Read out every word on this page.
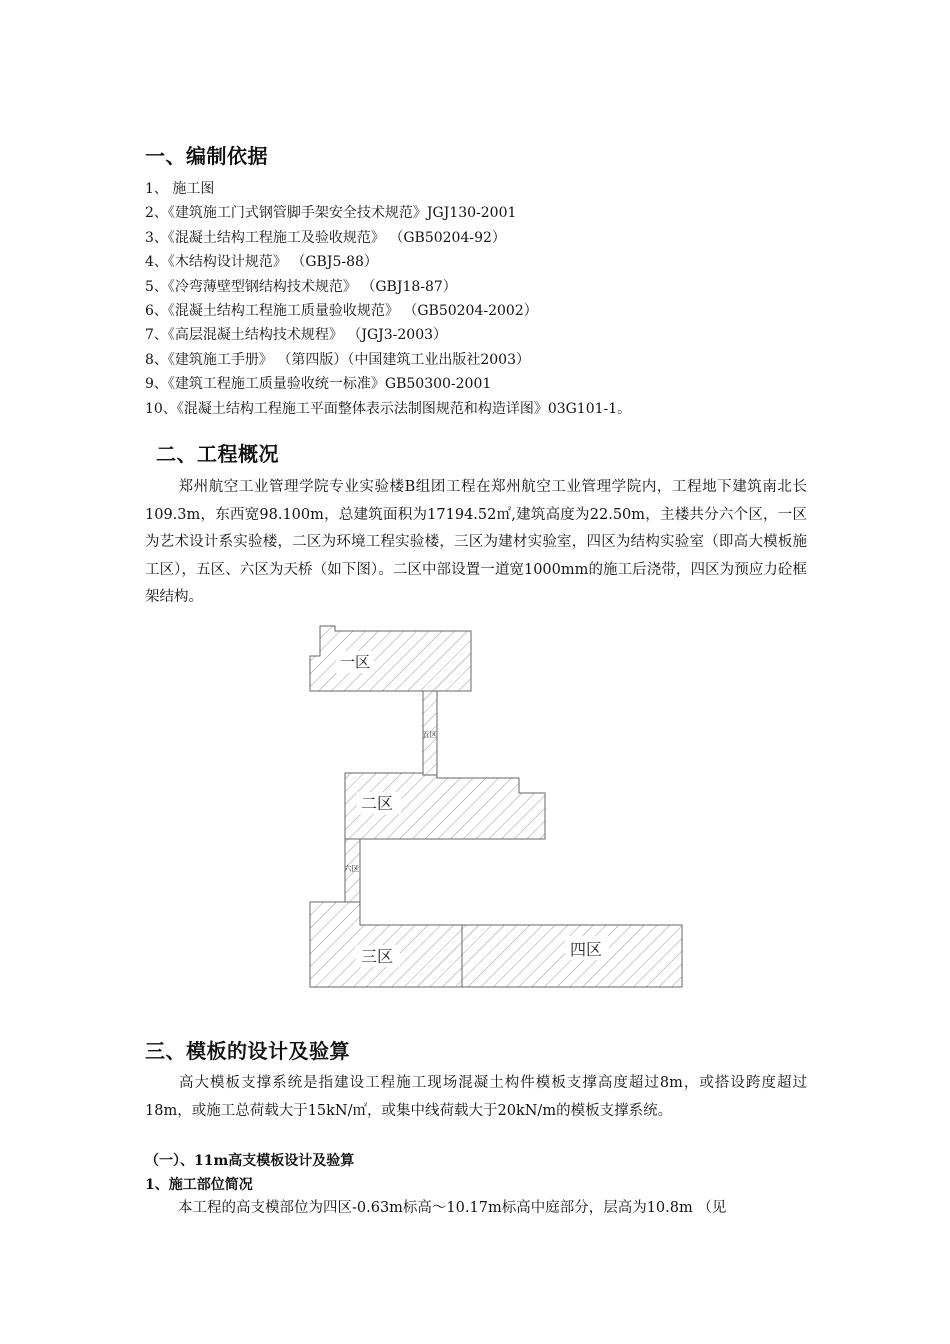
一、编制依据
1、 施工图
2、《建筑施工门式钢管脚手架安全技术规范》JGJ130-2001
3、《混凝土结构工程施工及验收规范》 （GB50204-92）
4、《木结构设计规范》 （GBJ5-88）
5、《冷弯薄壁型钢结构技术规范》 （GBJ18-87）
6、《混凝土结构工程施工质量验收规范》 （GB50204-2002）
7、《高层混凝土结构技术规程》 （JGJ3-2003）
8、《建筑施工手册》 （第四版）（中国建筑工业出版社2003）
9、《建筑工程施工质量验收统一标准》GB50300-2001
10、《混凝土结构工程施工平面整体表示法制图规范和构造详图》03G101-1。
二、工程概况
郑州航空工业管理学院专业实验楼B组团工程在郑州航空工业管理学院内，工程地下建筑南北长109.3m，东西宽98.100m，总建筑面积为17194.52㎡,建筑高度为22.50m，主楼共分六个区，一区为艺术设计系实验楼，二区为环境工程实验楼，三区为建材实验室，四区为结构实验室（即高大模板施工区），五区、六区为天桥（如下图）。二区中部设置一道宽1000mm的施工后浇带，四区为预应力砼框架结构。
一区
二区
三区	四区
五区
六区
三、模板的设计及验算
高大模板支撑系统是指建设工程施工现场混凝土构件模板支撑高度超过8m，或搭设跨度超过18m，或施工总荷载大于15kN/㎡，或集中线荷载大于20kN/m的模板支撑系统。
（一）、11m高支模板设计及验算
1、施工部位简况
本工程的高支模部位为四区-0.63m标高～10.17m标高中庭部分，层高为10.8m （见
